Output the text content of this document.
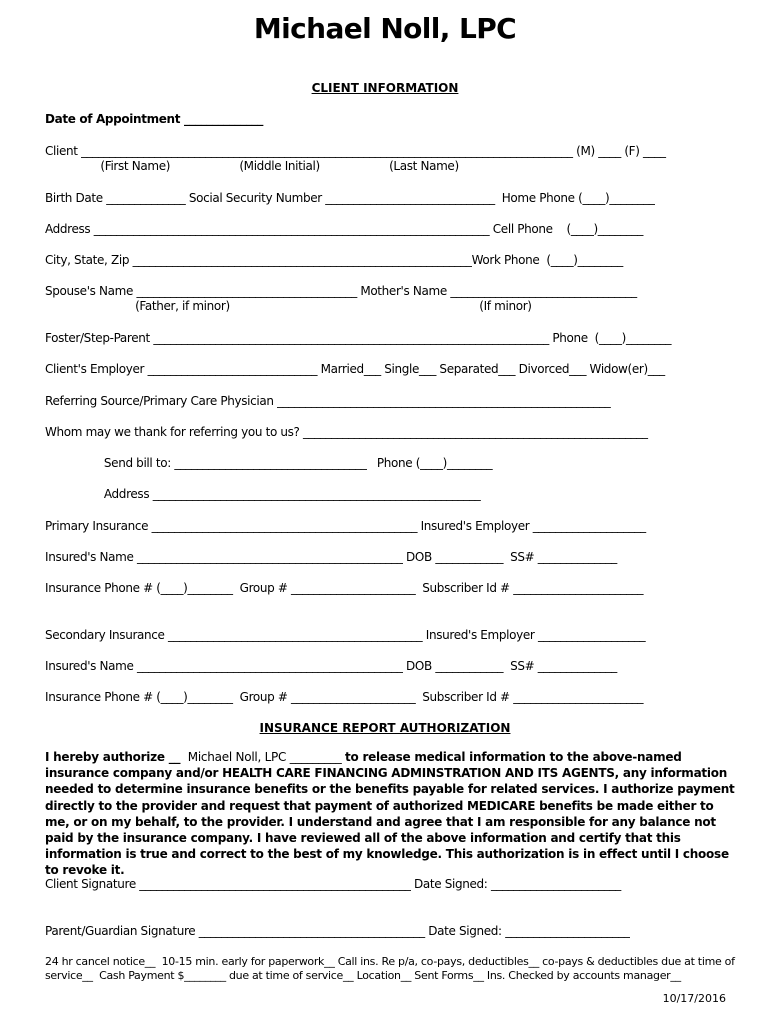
Michael Noll, LPC
CLIENT INFORMATION
Date of Appointment ______________
Client _______________________________________________________________________________________ (M) ____ (F) ____
(First Name)                    (Middle Initial)                    (Last Name)
Birth Date ______________ Social Security Number ______________________________  Home Phone (____)________
Address ______________________________________________________________________ Cell Phone    (____)________
City, State, Zip ____________________________________________________________Work Phone  (____)________
Spouse's Name _______________________________________ Mother's Name _________________________________
(Father, if minor)                                                                        (If minor)
Foster/Step-Parent ______________________________________________________________________ Phone  (____)________
Client's Employer ______________________________ Married___ Single___ Separated___ Divorced___ Widow(er)___
Referring Source/Primary Care Physician ___________________________________________________________
Whom may we thank for referring you to us? _____________________________________________________________
Send bill to: __________________________________   Phone (____)________
Address __________________________________________________________
Primary Insurance _______________________________________________ Insured's Employer ____________________
Insured's Name _______________________________________________ DOB ____________  SS# ______________
Insurance Phone # (____)________  Group # ______________________  Subscriber Id # _______________________
Secondary Insurance _____________________________________________ Insured's Employer ___________________
Insured's Name _______________________________________________ DOB ____________  SS# ______________
Insurance Phone # (____)________  Group # ______________________  Subscriber Id # _______________________
INSURANCE REPORT AUTHORIZATION
I hereby authorize __  Michael Noll, LPC _________ to release medical information to the above-named insurance company and/or HEALTH CARE FINANCING ADMINSTRATION AND ITS AGENTS, any information needed to determine insurance benefits or the benefits payable for related services. I authorize payment directly to the provider and request that payment of authorized MEDICARE benefits be made either to me, or on my behalf, to the provider. I understand and agree that I am responsible for any balance not paid by the insurance company. I have reviewed all of the above information and certify that this information is true and correct to the best of my knowledge. This authorization is in effect until I choose to revoke it.
Client Signature ________________________________________________ Date Signed: _______________________
Parent/Guardian Signature ________________________________________ Date Signed: ______________________
24 hr cancel notice__  10-15 min. early for paperwork__ Call ins. Re p/a, co-pays, deductibles__ co-pays & deductibles due at time of
service__  Cash Payment $________ due at time of service__ Location__ Sent Forms__ Ins. Checked by accounts manager__
10/17/2016
